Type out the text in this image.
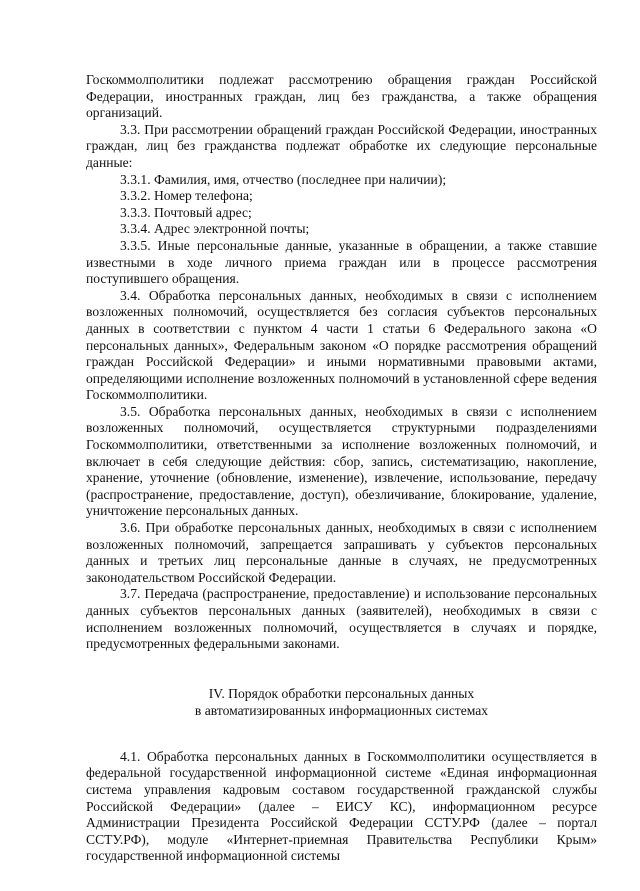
Госкоммолполитики подлежат рассмотрению обращения граждан Российской Федерации, иностранных граждан, лиц без гражданства, а также обращения организаций.

3.3. При рассмотрении обращений граждан Российской Федерации, иностранных граждан, лиц без гражданства подлежат обработке их следующие персональные данные:

3.3.1. Фамилия, имя, отчество (последнее при наличии);

3.3.2. Номер телефона;

3.3.3. Почтовый адрес;

3.3.4. Адрес электронной почты;

3.3.5. Иные персональные данные, указанные в обращении, а также ставшие известными в ходе личного приема граждан или в процессе рассмотрения поступившего обращения.

3.4. Обработка персональных данных, необходимых в связи с исполнением возложенных полномочий, осуществляется без согласия субъектов персональных данных в соответствии с пунктом 4 части 1 статьи 6 Федерального закона «О персональных данных», Федеральным законом «О порядке рассмотрения обращений граждан Российской Федерации» и иными нормативными правовыми актами, определяющими исполнение возложенных полномочий в установленной сфере ведения Госкоммолполитики.

3.5. Обработка персональных данных, необходимых в связи с исполнением возложенных полномочий, осуществляется структурными подразделениями Госкоммолполитики, ответственными за исполнение возложенных полномочий, и включает в себя следующие действия: сбор, запись, систематизацию, накопление, хранение, уточнение (обновление, изменение), извлечение, использование, передачу (распространение, предоставление, доступ), обезличивание, блокирование, удаление, уничтожение персональных данных.

3.6. При обработке персональных данных, необходимых в связи с исполнением возложенных полномочий, запрещается запрашивать у субъектов персональных данных и третьих лиц персональные данные в случаях, не предусмотренных законодательством Российской Федерации.

3.7. Передача (распространение, предоставление) и использование персональных данных субъектов персональных данных (заявителей), необходимых в связи с исполнением возложенных полномочий, осуществляется в случаях и порядке, предусмотренных федеральными законами.

IV. Порядок обработки персональных данных
в автоматизированных информационных системах

4.1. Обработка персональных данных в Госкоммолполитики осуществляется в федеральной государственной информационной системе «Единая информационная система управления кадровым составом государственной гражданской службы Российской Федерации» (далее – ЕИСУ КС), информационном ресурсе Администрации Президента Российской Федерации ССТУ.РФ (далее – портал ССТУ.РФ), модуле «Интернет-приемная Правительства Республики Крым» государственной информационной системы
